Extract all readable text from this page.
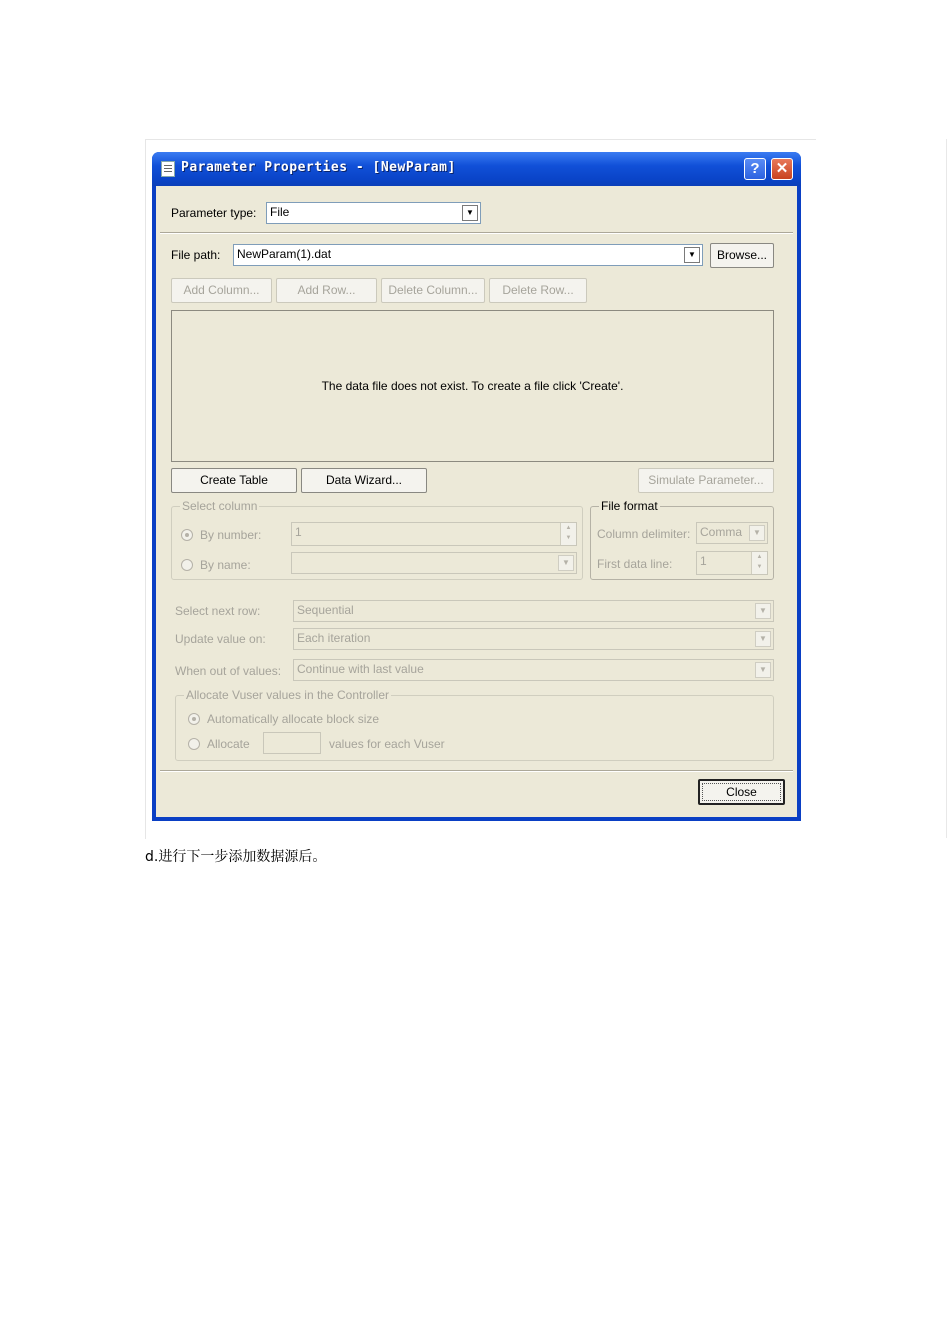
Parameter Properties - [NewParam]	?	✕
Parameter type: File	▼
File path: NewParam(1).dat	▼	Browse...
Add Column...	Add Row...	Delete Column...	Delete Row...
The data file does not exist. To create a file click 'Create'.
Create Table	Data Wizard...	Simulate Parameter...
Select column
By number:	1	▲
▼
By name:	▼
File format
Column delimiter: Comma	▼
First data line: 1	▲
▼
Select next row:	Sequential	▼
Update value on:	Each iteration	▼
When out of values: Continue with last value	▼
Allocate Vuser values in the Controller
Automatically allocate block size
Allocate	values for each Vuser
Close
d.进行下一步添加数据源后。
